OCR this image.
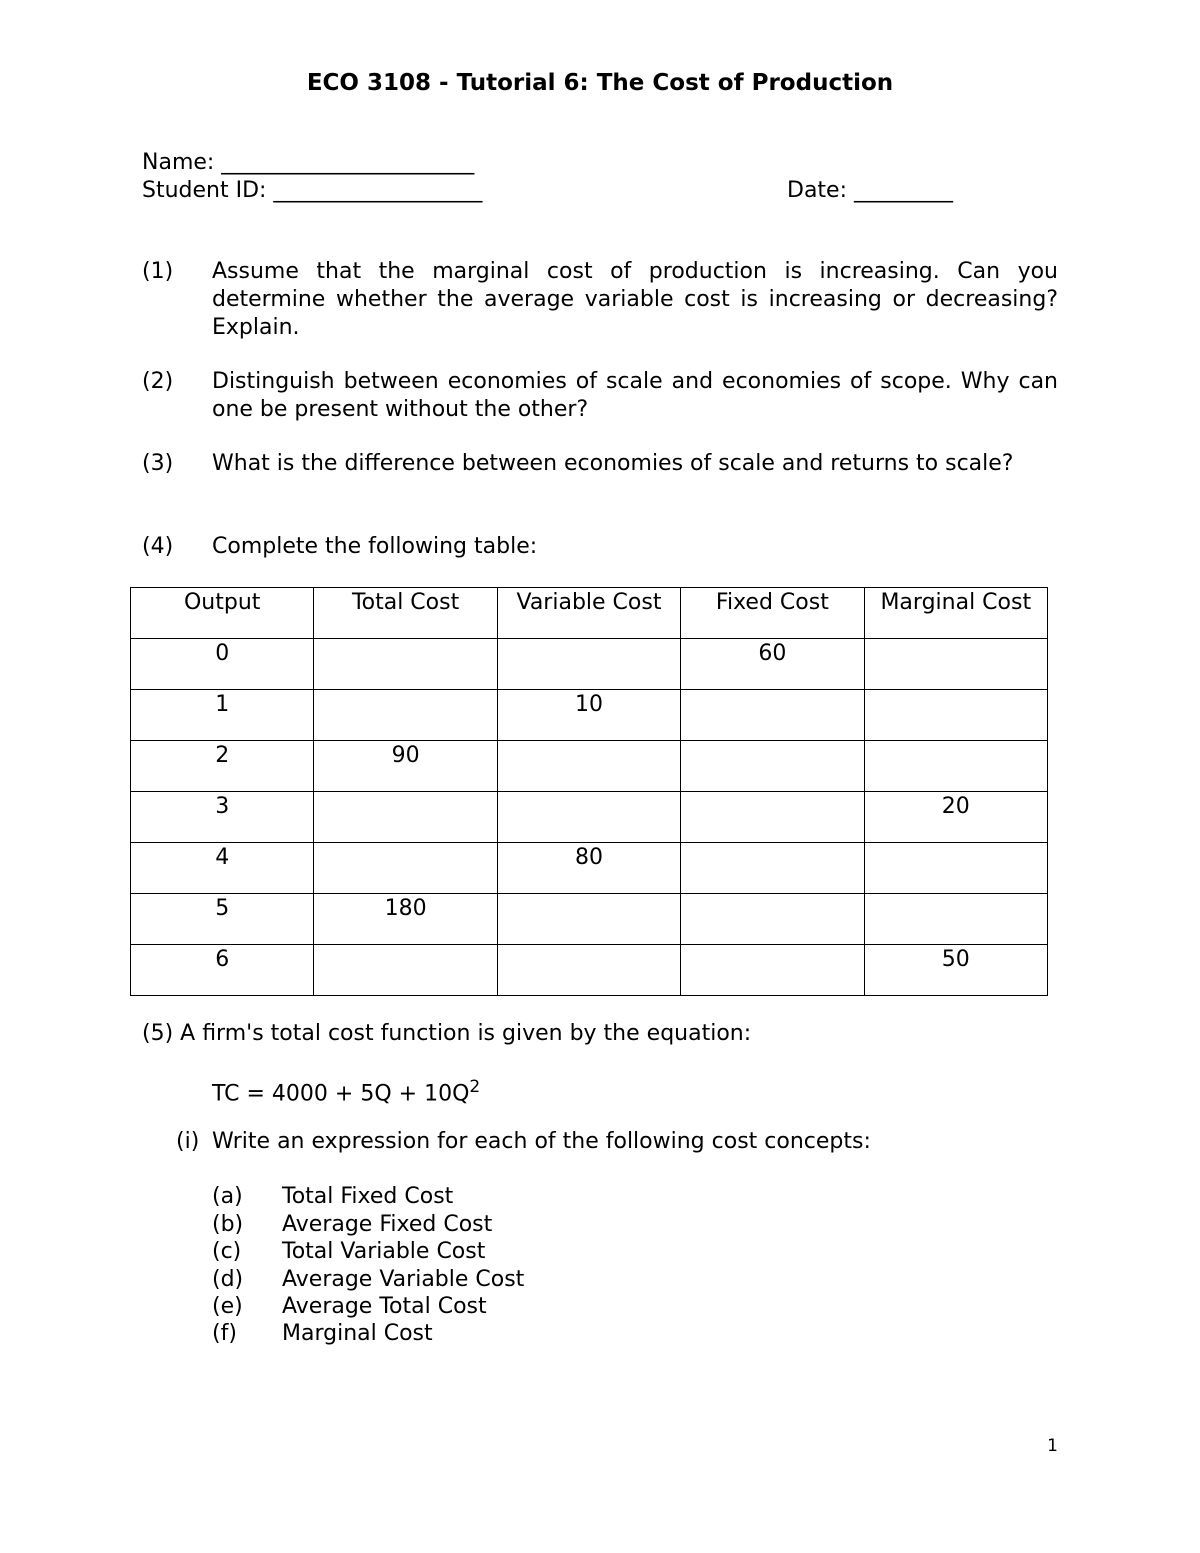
ECO 3108 - Tutorial 6: The Cost of Production
Name: _______________________
Student ID: ___________________	Date: _________
(1) Assume that the marginal cost of production is increasing. Can you determine whether the average variable cost is increasing or decreasing? Explain.
(2) Distinguish between economies of scale and economies of scope. Why can one be present without the other?
(3) What is the difference between economies of scale and returns to scale?
(4) Complete the following table:
Output	Total Cost	Variable Cost	Fixed Cost	Marginal Cost
0			60	
1		10		
2	90			
3				20
4		80		
5	180			
6				50
(5) A firm's total cost function is given by the equation:
TC = $4000 + 5Q + 10Q^2$
(i) Write an expression for each of the following cost concepts:
(a) Total Fixed Cost
(b) Average Fixed Cost
(c) Total Variable Cost
(d) Average Variable Cost
(e) Average Total Cost
(f) Marginal Cost
1
